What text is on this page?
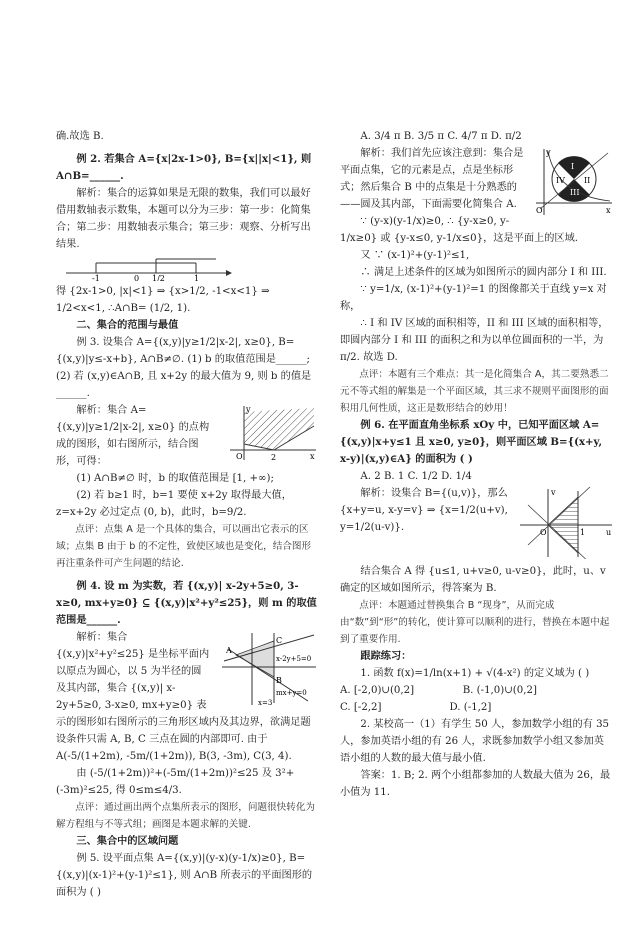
确.故选 B.

例 2. 若集合 A={x|2x-1>0}, B={x||x|<1}, 则 A∩B=______.

解析：集合的运算如果是无限的数集，我们可以最好借用数轴表示数集，本题可以分为三步：第一步：化简集合；第二步：用数轴表示集合；第三步：观察、分析写出结果.

-1	0 1/2	1

得 {2x-1>0, |x|<1} ⇒ {x>1/2, -1<x<1} ⇒ 1/2<x<1, ∴A∩B= (1/2, 1).

二、集合的范围与最值

例 3. 设集合 A={(x,y)|y≥1/2|x-2|, x≥0}, B={(x,y)|y≤-x+b}, A∩B≠∅. (1) b 的取值范围是______; (2) 若 (x,y)∈A∩B, 且 x+2y 的最大值为 9, 则 b 的值是______.

y
x
O	2

解析：集合 A={(x,y)|y≥1/2|x-2|, x≥0} 的点构成的图形，如右图所示，结合图形，可得：

(1) A∩B≠∅ 时，b 的取值范围是 [1, +∞);

(2) 若 b≥1 时，b=1 要使 x+2y 取得最大值，z=x+2y 必过定点 (0, b)，此时，b=9/2.

点评：点集 A 是一个具体的集合，可以画出它表示的区域；点集 B 由于 b 的不定性，致使区域也是变化，结合图形再注重条件可产生问题的结论.

例 4. 设 m 为实数，若 {(x,y)| x-2y+5≥0, 3-x≥0, mx+y≥0} ⊆ {(x,y)|x²+y²≤25}，则 m 的取值范围是______.

A
B
C
x-2y+5=0
mx+y=0
x=3

解析：集合 {(x,y)|x²+y²≤25} 是坐标平面内以原点为圆心，以 5 为半径的圆及其内部，集合 {(x,y)| x-2y+5≥0, 3-x≥0, mx+y≥0} 表示的图形如右图所示的三角形区域内及其边界，欲满足题设条件只需 A, B, C 三点在圆的内部即可. 由于 A(-5/(1+2m), -5m/(1+2m)), B(3, -3m), C(3, 4).

由 (-5/(1+2m))²+(-5m/(1+2m))²≤25 及 3²+(-3m)²≤25, 得 0≤m≤4/3.

点评：通过画出两个点集所表示的图形，问题很快转化为解方程组与不等式组；画图是本题求解的关键.

三、集合中的区域问题

例 5. 设平面点集 A={(x,y)|(y-x)(y-1/x)≥0}, B={(x,y)|(x-1)²+(y-1)²≤1}, 则 A∩B 所表示的平面图形的面积为 ( )

A. 3/4 π B. 3/5 π C. 4/7 π D. π/2

y
x
O
I
II
III
IV

解析：我们首先应该注意到：集合是平面点集，它的元素是点，点是坐标形式；然后集合 B 中的点集是十分熟悉的——圆及其内部，下面需要化简集合 A.

∵ (y-x)(y-1/x)≥0, ∴ {y-x≥0, y-1/x≥0} 或 {y-x≤0, y-1/x≤0}，这是平面上的区域.

又 ∵ (x-1)²+(y-1)²≤1,

∴ 满足上述条件的区域为如图所示的圆内部分 I 和 III.

∵ y=1/x, (x-1)²+(y-1)²=1 的图像都关于直线 y=x 对称，

∴ I 和 IV 区域的面积相等，II 和 III 区域的面积相等，即圆内部分 I 和 III 的面积之和为以单位圆面积的一半，为 π/2. 故选 D.

点评：本题有三个难点：其一是化简集合 A，其二要熟悉二元不等式组的解集是一个平面区域，其三求不规则平面图形的面积用几何性质，这正是数形结合的妙用！

例 6. 在平面直角坐标系 xOy 中，已知平面区域 A={(x,y)|x+y≤1 且 x≥0, y≥0}，则平面区域 B={(x+y, x-y)|(x,y)∈A} 的面积为 ( )

A. 2 B. 1 C. 1/2 D. 1/4

v
u
O	1

解析：设集合 B={(u,v)}，那么 {x+y=u, x-y=v} ⇒ {x=1/2(u+v), y=1/2(u-v)}.

结合集合 A 得 {u≤1, u+v≥0, u-v≥0}，此时，u、v 确定的区域如图所示，得答案为 B.

点评：本题通过替换集合 B “现身”，从而完成由“数”到“形”的转化，使计算可以顺利的进行，替换在本题中起到了重要作用.

跟踪练习：

1. 函数 f(x)=1/ln(x+1) + √(4-x²) 的定义域为 ( )

A. [-2,0)∪(0,2]               B. (-1,0)∪(0,2]

C. [-2,2]                     D. (-1,2]

2. 某校高一（1）有学生 50 人，参加数学小组的有 35 人，参加英语小组的有 26 人，求既参加数学小组又参加英语小组的人数的最大值与最小值.

答案：1. B; 2. 两个小组都参加的人数最大值为 26，最小值为 11.
